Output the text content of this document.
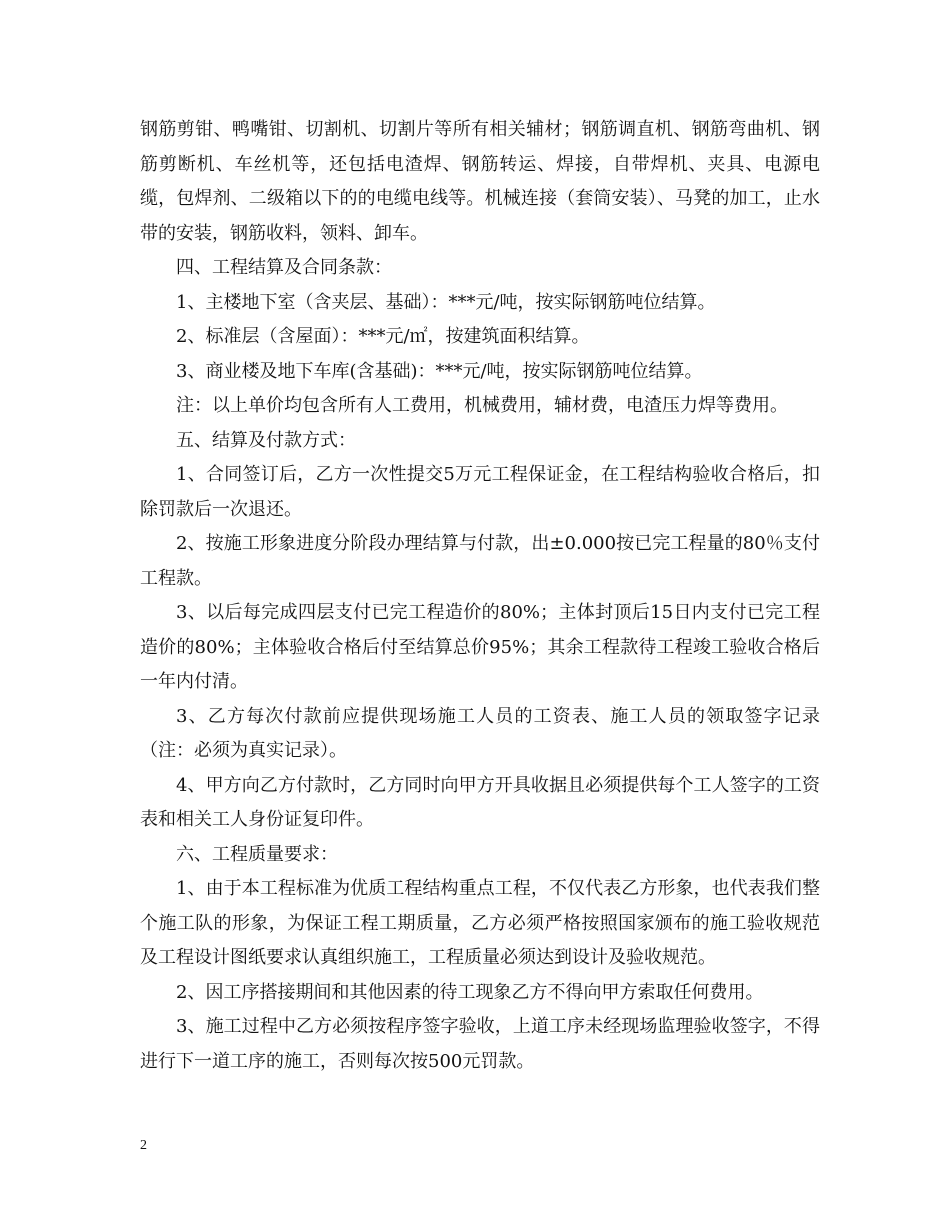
钢筋剪钳、鸭嘴钳、切割机、切割片等所有相关辅材；钢筋调直机、钢筋弯曲机、钢筋剪断机、车丝机等，还包括电渣焊、钢筋转运、焊接，自带焊机、夹具、电源电缆，包焊剂、二级箱以下的的电缆电线等。机械连接（套筒安装）、马凳的加工，止水带的安装，钢筋收料，领料、卸车。

四、工程结算及合同条款：

1、主楼地下室（含夹层、基础）：***元/吨，按实际钢筋吨位结算。

2、标准层（含屋面）：***元/㎡，按建筑面积结算。

3、商业楼及地下车库(含基础)：***元/吨，按实际钢筋吨位结算。

注：以上单价均包含所有人工费用，机械费用，辅材费，电渣压力焊等费用。

五、结算及付款方式：

1、合同签订后，乙方一次性提交5万元工程保证金，在工程结构验收合格后，扣除罚款后一次退还。

2、按施工形象进度分阶段办理结算与付款，出±0.000按已完工程量的80％支付工程款。

3、以后每完成四层支付已完工程造价的80%；主体封顶后15日内支付已完工程造价的80%；主体验收合格后付至结算总价95%；其余工程款待工程竣工验收合格后一年内付清。

3、乙方每次付款前应提供现场施工人员的工资表、施工人员的领取签字记录（注：必须为真实记录）。

4、甲方向乙方付款时，乙方同时向甲方开具收据且必须提供每个工人签字的工资表和相关工人身份证复印件。

六、工程质量要求：

1、由于本工程标准为优质工程结构重点工程，不仅代表乙方形象，也代表我们整个施工队的形象，为保证工程工期质量，乙方必须严格按照国家颁布的施工验收规范及工程设计图纸要求认真组织施工，工程质量必须达到设计及验收规范。

2、因工序搭接期间和其他因素的待工现象乙方不得向甲方索取任何费用。

3、施工过程中乙方必须按程序签字验收，上道工序未经现场监理验收签字，不得进行下一道工序的施工，否则每次按500元罚款。

2
